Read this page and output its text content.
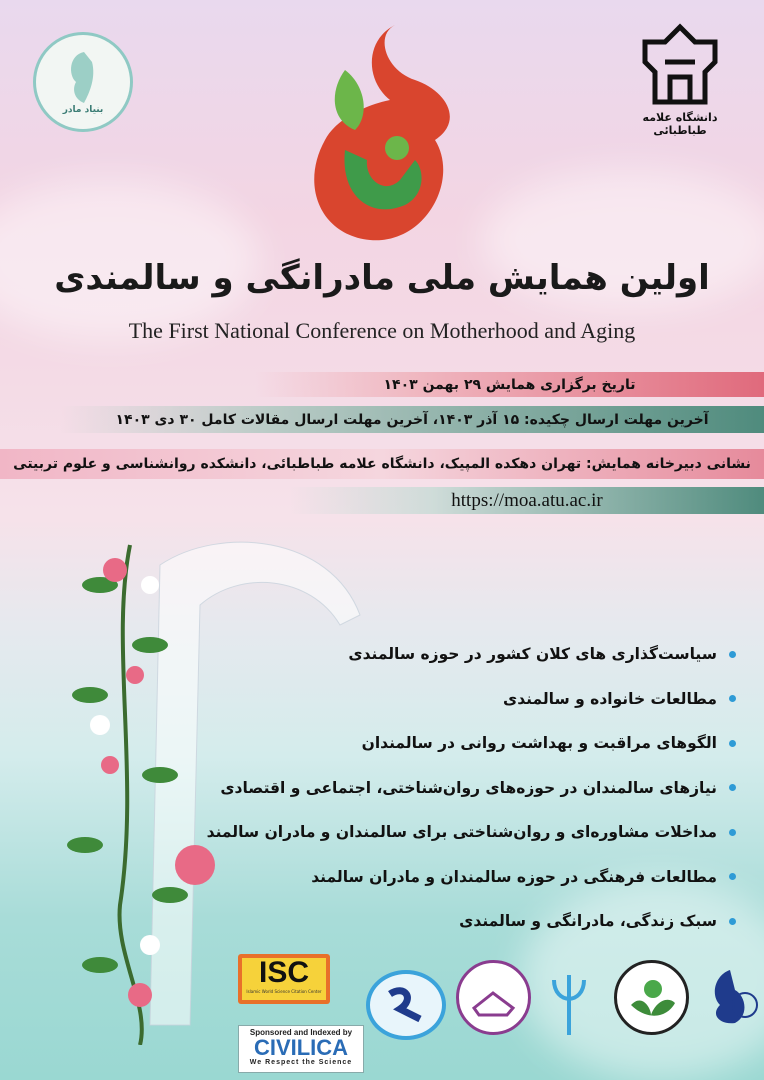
بنیاد مادر
دانشگاه علامه طباطبائی
اولین همایش ملی مادرانگی و سالمندی
The First National Conference on Motherhood and Aging
تاریخ برگزاری همایش ۲۹ بهمن ۱۴۰۳
آخرین مهلت ارسال چکیده: ۱۵ آذر ۱۴۰۳، آخرین مهلت ارسال مقالات کامل ۳۰ دی ۱۴۰۳
نشانی دبیرخانه همایش: تهران دهکده المپیک، دانشگاه علامه طباطبائی، دانشکده روانشناسی و علوم تربیتی
https://moa.atu.ac.ir
سیاست‌گذاری های کلان کشور در حوزه سالمندی
مطالعات خانواده و سالمندی
الگوهای مراقبت و بهداشت روانی در سالمندان
نیازهای سالمندان در حوزه‌های روان‌شناختی، اجتماعی و اقتصادی
مداخلات مشاوره‌ای و روان‌شناختی برای سالمندان و مادران سالمند
مطالعات فرهنگی در حوزه سالمندان و مادران سالمند
سبک زندگی، مادرانگی و سالمندی
ISC
Islamic World Science Citation Center
Sponsored and Indexed by
CIVILICA
We Respect the Science
